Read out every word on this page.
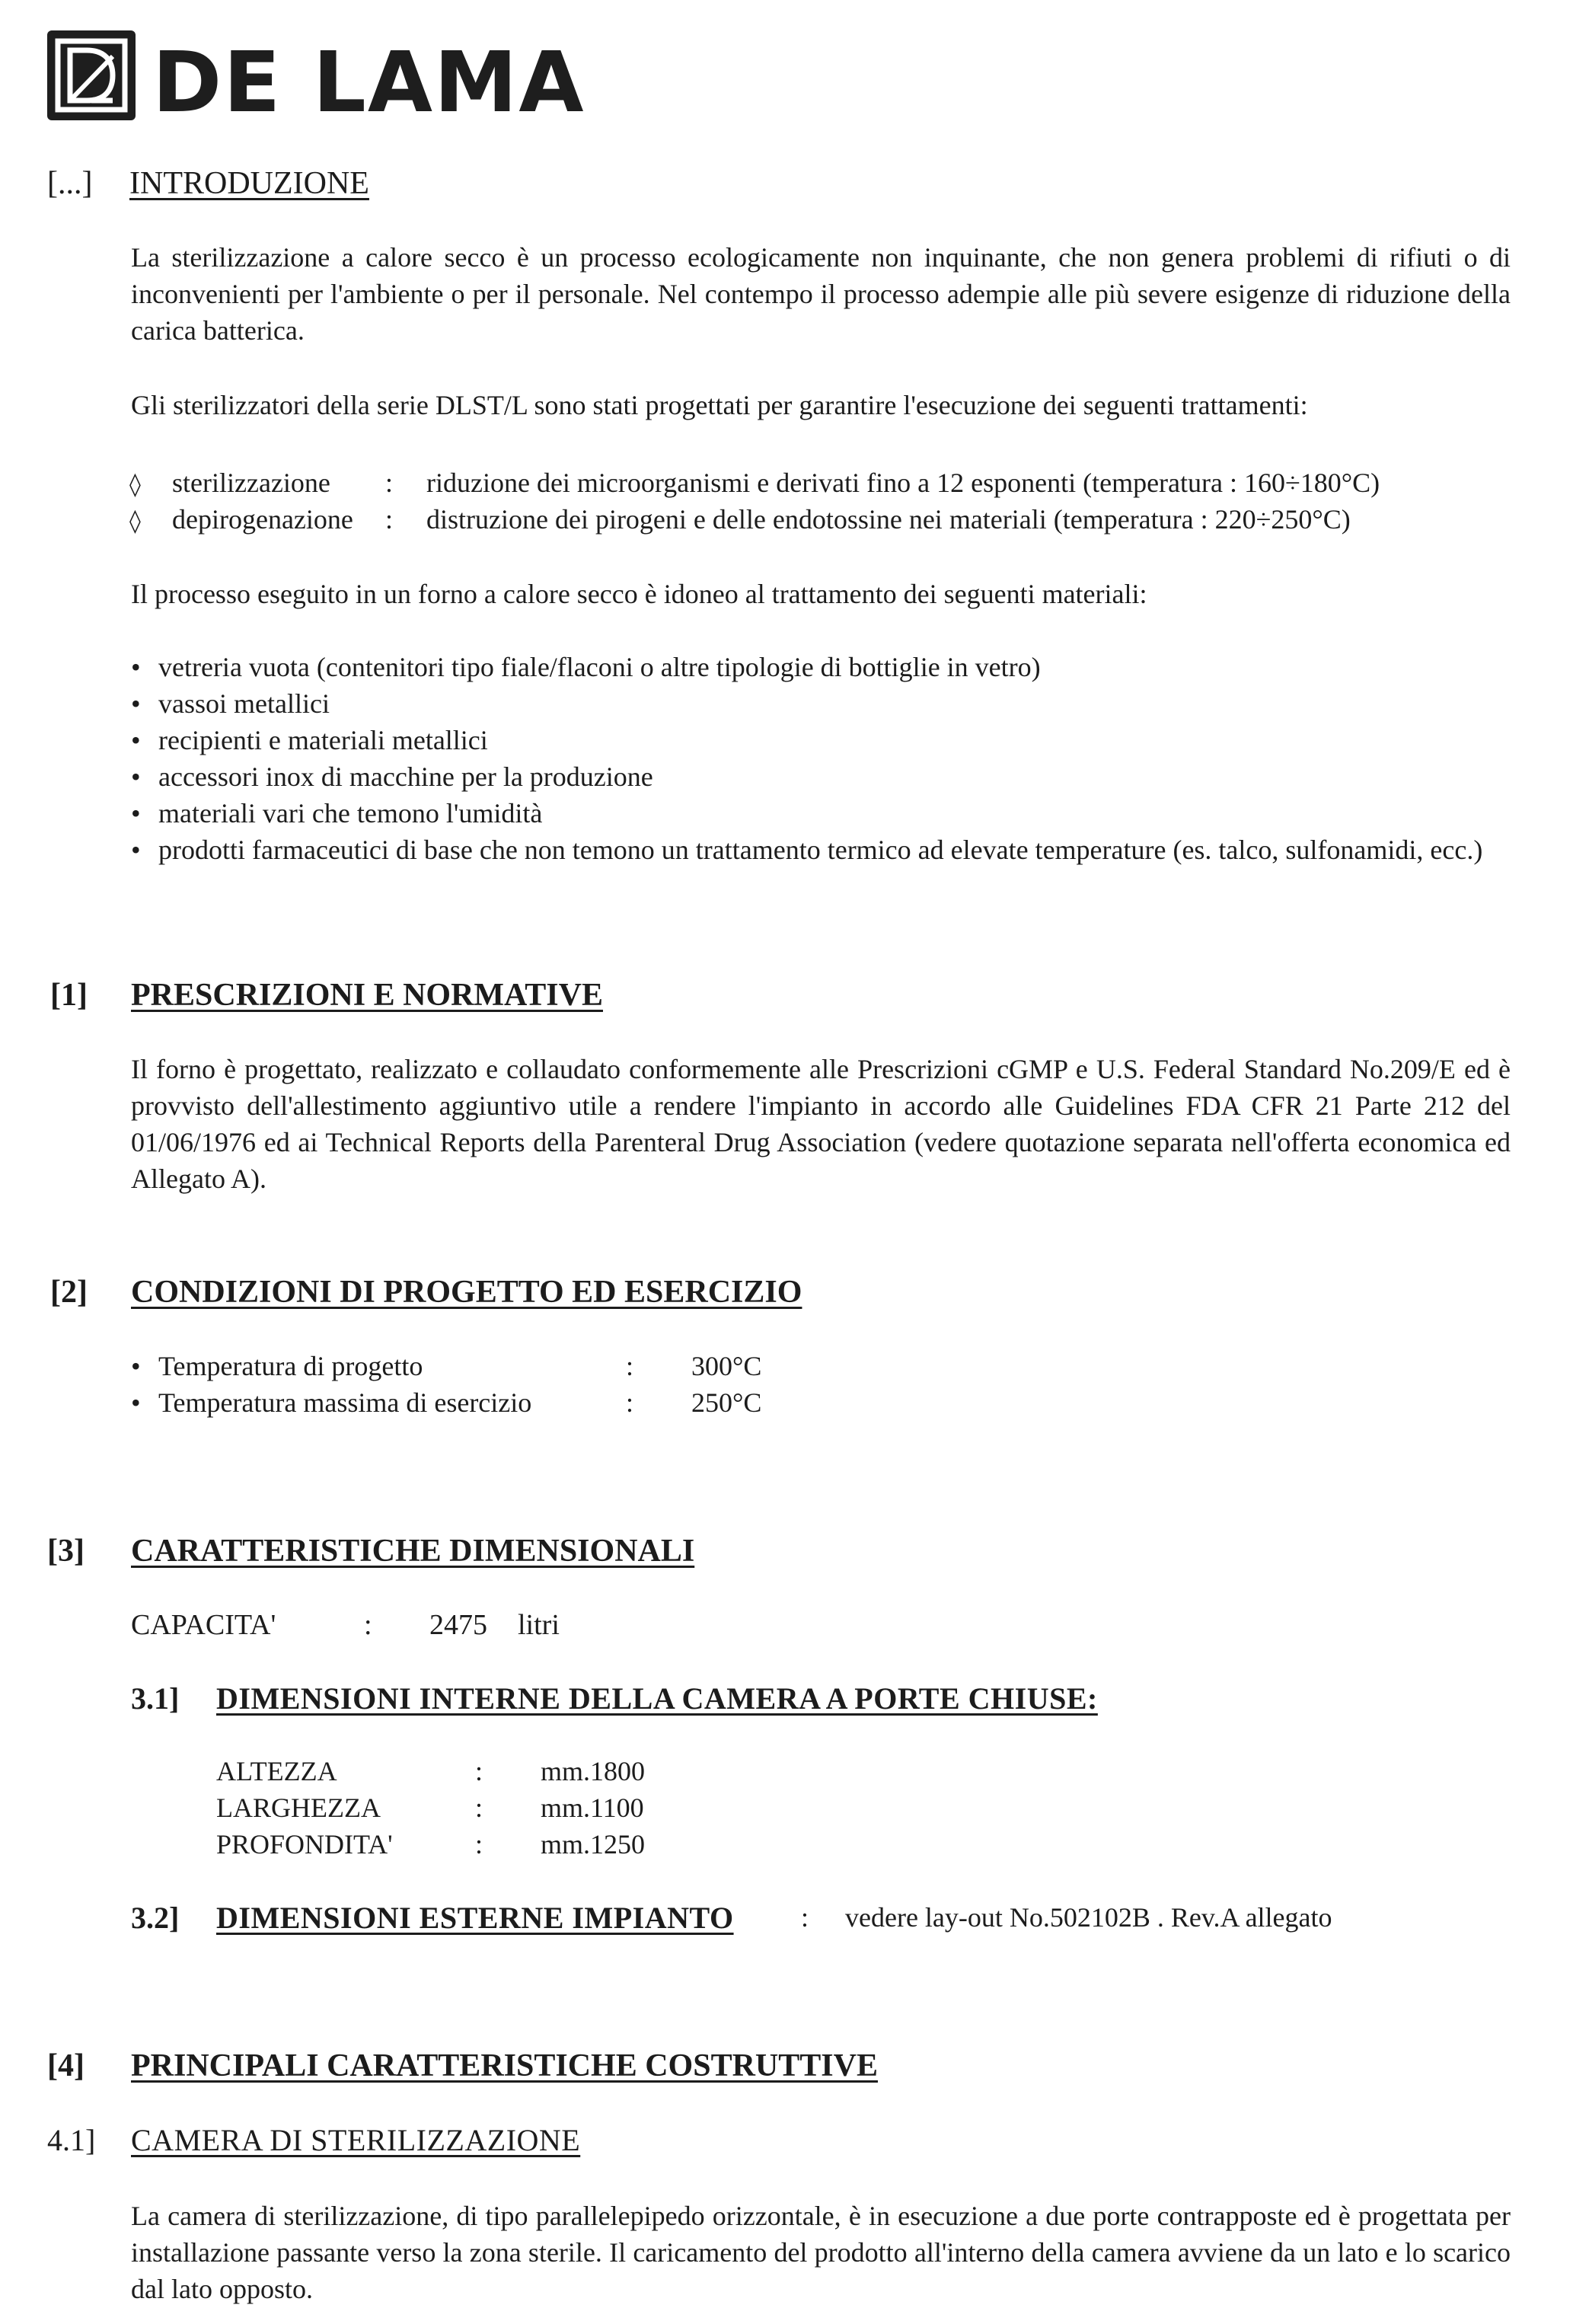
DE LAMA
[...] INTRODUZIONE
La sterilizzazione a calore secco è un processo ecologicamente non inquinante, che non genera problemi di rifiuti o di inconvenienti per l'ambiente o per il personale. Nel contempo il processo adempie alle più severe esigenze di riduzione della carica batterica.
Gli sterilizzatori della serie DLST/L sono stati progettati per garantire l'esecuzione dei seguenti trattamenti:
◊ sterilizzazione : riduzione dei microorganismi e derivati fino a 12 esponenti (temperatura : 160÷180°C)
◊ depirogenazione : distruzione dei pirogeni e delle endotossine nei materiali (temperatura : 220÷250°C)
Il processo eseguito in un forno a calore secco è idoneo al trattamento dei seguenti materiali:
• vetreria vuota (contenitori tipo fiale/flaconi o altre tipologie di bottiglie in vetro)
• vassoi metallici
• recipienti e materiali metallici
• accessori inox di macchine per la produzione
• materiali vari che temono l'umidità
• prodotti farmaceutici di base che non temono un trattamento termico ad elevate temperature (es. talco, sulfonamidi, ecc.)
[1] PRESCRIZIONI E NORMATIVE
Il forno è progettato, realizzato e collaudato conformemente alle Prescrizioni cGMP e U.S. Federal Standard No.209/E ed è provvisto dell'allestimento aggiuntivo utile a rendere l'impianto in accordo alle Guidelines FDA CFR 21 Parte 212 del 01/06/1976 ed ai Technical Reports della Parenteral Drug Association (vedere quotazione separata nell'offerta economica ed Allegato A).
[2] CONDIZIONI DI PROGETTO ED ESERCIZIO
• Temperatura di progetto	: 300°C
• Temperatura massima di esercizio	: 250°C
[3] CARATTERISTICHE DIMENSIONALI
CAPACITA'	: 2475 litri
3.1] DIMENSIONI INTERNE DELLA CAMERA A PORTE CHIUSE:
ALTEZZA	: mm.1800
LARGHEZZA	: mm.1100
PROFONDITA'	: mm.1250
3.2] DIMENSIONI ESTERNE IMPIANTO : vedere lay-out No.502102B . Rev.A allegato
[4] PRINCIPALI CARATTERISTICHE COSTRUTTIVE
4.1] CAMERA DI STERILIZZAZIONE
La camera di sterilizzazione, di tipo parallelepipedo orizzontale, è in esecuzione a due porte contrapposte ed è progettata per installazione passante verso la zona sterile. Il caricamento del prodotto all'interno della camera avviene da un lato e lo scarico dal lato opposto.
